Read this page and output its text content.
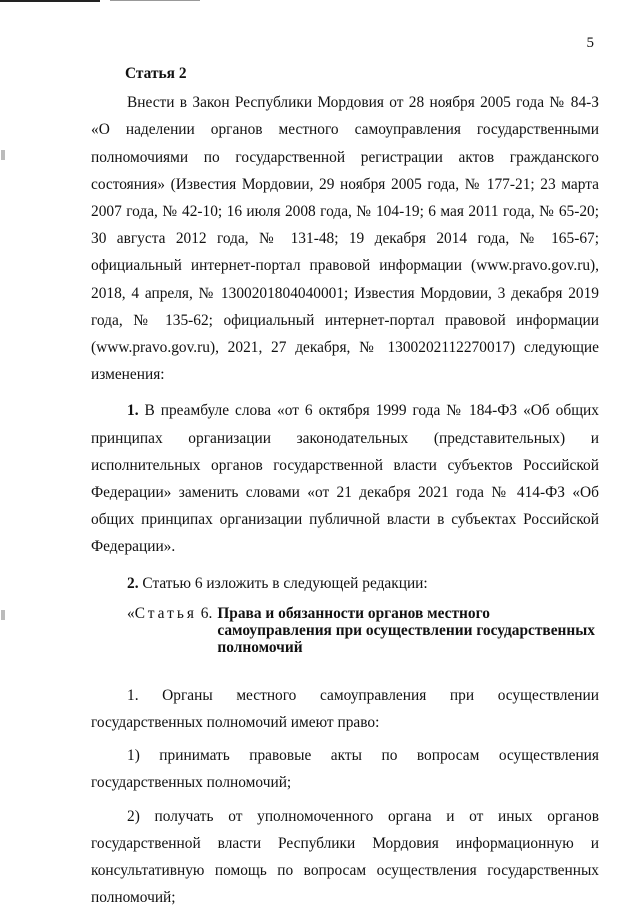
5

Статья 2

Внести в Закон Республики Мордовия от 28 ноября 2005 года № 84-З «О наделении органов местного самоуправления государственными полномочиями по государственной регистрации актов гражданского состояния» (Известия Мордовии, 29 ноября 2005 года, № 177-21; 23 марта 2007 года, № 42-10; 16 июля 2008 года, № 104-19; 6 мая 2011 года, № 65-20; 30 августа 2012 года, № 131-48; 19 декабря 2014 года, № 165-67; официальный интернет-портал правовой информации (www.pravo.gov.ru), 2018, 4 апреля, № 1300201804040001; Известия Мордовии, 3 декабря 2019 года, № 135-62; официальный интернет-портал правовой информации (www.pravo.gov.ru), 2021, 27 декабря, № 1300202112270017) следующие изменения:

1. В преамбуле слова «от 6 октября 1999 года № 184-ФЗ «Об общих принципах организации законодательных (представительных) и исполнительных органов государственной власти субъектов Российской Федерации» заменить словами «от 21 декабря 2021 года № 414-ФЗ «Об общих принципах организации публичной власти в субъектах Российской Федерации».

2. Статью 6 изложить в следующей редакции:

«Статья 6. Права и обязанности органов местного самоуправления при осуществлении государственных полномочий

1. Органы местного самоуправления при осуществлении государственных полномочий имеют право:

1) принимать правовые акты по вопросам осуществления государственных полномочий;

2) получать от уполномоченного органа и от иных органов государственной власти Республики Мордовия информационную и консультативную помощь по вопросам осуществления государственных полномочий;
